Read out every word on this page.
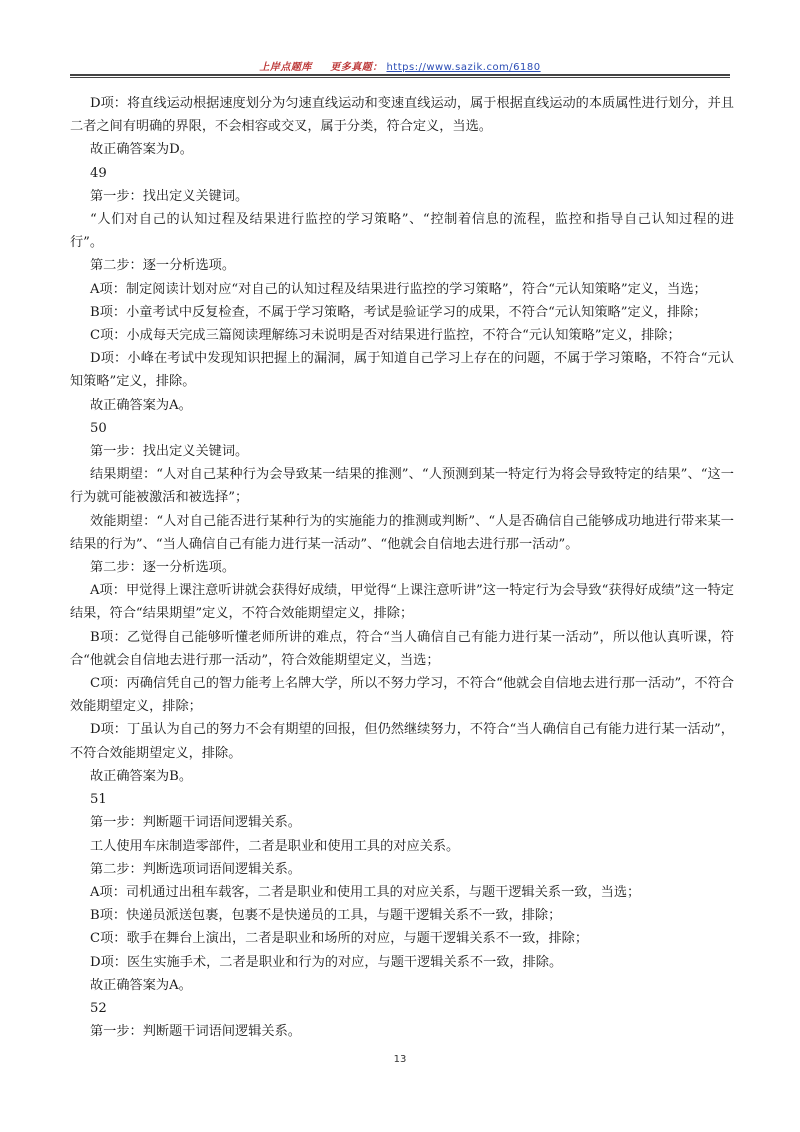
上岸点题库 更多真题： https://www.sazik.com/6180

D项：将直线运动根据速度划分为匀速直线运动和变速直线运动，属于根据直线运动的本质属性进行划分，并且二者之间有明确的界限，不会相容或交叉，属于分类，符合定义，当选。

故正确答案为D。

49

第一步：找出定义关键词。

“人们对自己的认知过程及结果进行监控的学习策略”、“控制着信息的流程，监控和指导自己认知过程的进行”。

第二步：逐一分析选项。

A项：制定阅读计划对应“对自己的认知过程及结果进行监控的学习策略”，符合“元认知策略”定义，当选；

B项：小童考试中反复检查，不属于学习策略，考试是验证学习的成果，不符合“元认知策略”定义，排除；

C项：小成每天完成三篇阅读理解练习未说明是否对结果进行监控，不符合“元认知策略”定义，排除；

D项：小峰在考试中发现知识把握上的漏洞，属于知道自己学习上存在的问题，不属于学习策略，不符合“元认知策略”定义，排除。

故正确答案为A。

50

第一步：找出定义关键词。

结果期望：“人对自己某种行为会导致某一结果的推测”、“人预测到某一特定行为将会导致特定的结果”、“这一行为就可能被激活和被选择”；

效能期望：“人对自己能否进行某种行为的实施能力的推测或判断”、“人是否确信自己能够成功地进行带来某一结果的行为”、“当人确信自己有能力进行某一活动”、“他就会自信地去进行那一活动”。

第二步：逐一分析选项。

A项：甲觉得上课注意听讲就会获得好成绩，甲觉得“上课注意听讲”这一特定行为会导致“获得好成绩”这一特定结果，符合“结果期望”定义，不符合效能期望定义，排除；

B项：乙觉得自己能够听懂老师所讲的难点，符合“当人确信自己有能力进行某一活动”，所以他认真听课，符合“他就会自信地去进行那一活动”，符合效能期望定义，当选；

C项：丙确信凭自己的智力能考上名牌大学，所以不努力学习，不符合“他就会自信地去进行那一活动”，不符合效能期望定义，排除；

D项：丁虽认为自己的努力不会有期望的回报，但仍然继续努力，不符合“当人确信自己有能力进行某一活动”，不符合效能期望定义，排除。

故正确答案为B。

51

第一步：判断题干词语间逻辑关系。

工人使用车床制造零部件，二者是职业和使用工具的对应关系。

第二步：判断选项词语间逻辑关系。

A项：司机通过出租车载客，二者是职业和使用工具的对应关系，与题干逻辑关系一致，当选；

B项：快递员派送包裹，包裹不是快递员的工具，与题干逻辑关系不一致，排除；

C项：歌手在舞台上演出，二者是职业和场所的对应，与题干逻辑关系不一致，排除；

D项：医生实施手术，二者是职业和行为的对应，与题干逻辑关系不一致，排除。

故正确答案为A。

52

第一步：判断题干词语间逻辑关系。

13
